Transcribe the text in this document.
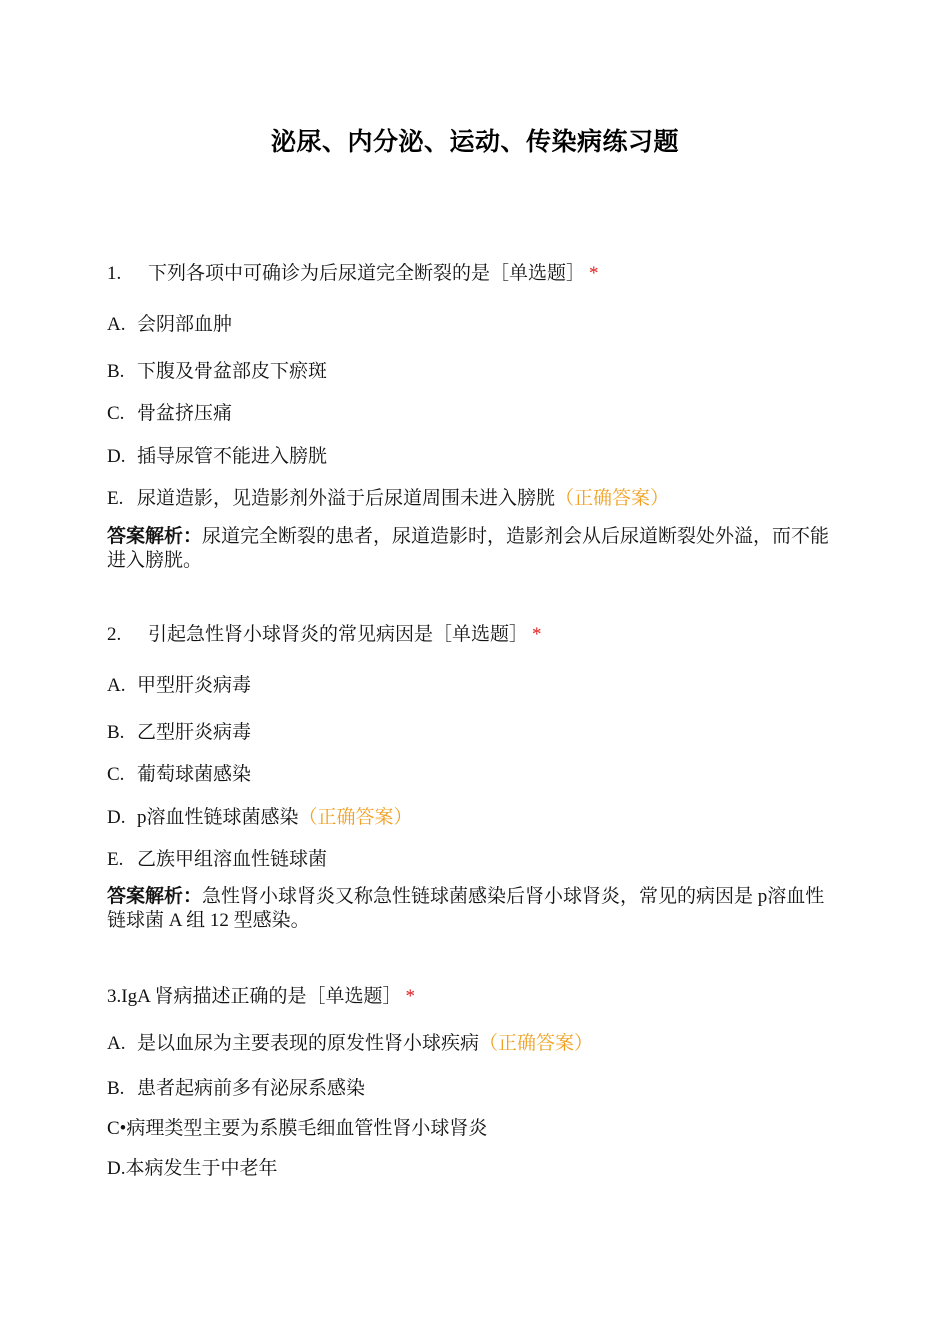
泌尿、内分泌、运动、传染病练习题
1. 下列各项中可确诊为后尿道完全断裂的是［单选题］ *
A. 会阴部血肿
B. 下腹及骨盆部皮下瘀斑
C. 骨盆挤压痛
D. 插导尿管不能进入膀胱
E. 尿道造影，见造影剂外溢于后尿道周围未进入膀胱（正确答案）
答案解析：尿道完全断裂的患者，尿道造影时，造影剂会从后尿道断裂处外溢，而不能进入膀胱。
2. 引起急性肾小球肾炎的常见病因是［单选题］ *
A. 甲型肝炎病毒
B. 乙型肝炎病毒
C. 葡萄球菌感染
D. p溶血性链球菌感染（正确答案）
E. 乙族甲组溶血性链球菌
答案解析：急性肾小球肾炎又称急性链球菌感染后肾小球肾炎，常见的病因是 p溶血性链球菌 A 组 12 型感染。
3.IgA 肾病描述正确的是［单选题］ *
A. 是以血尿为主要表现的原发性肾小球疾病（正确答案）
B. 患者起病前多有泌尿系感染
C•病理类型主要为系膜毛细血管性肾小球肾炎
D.本病发生于中老年
